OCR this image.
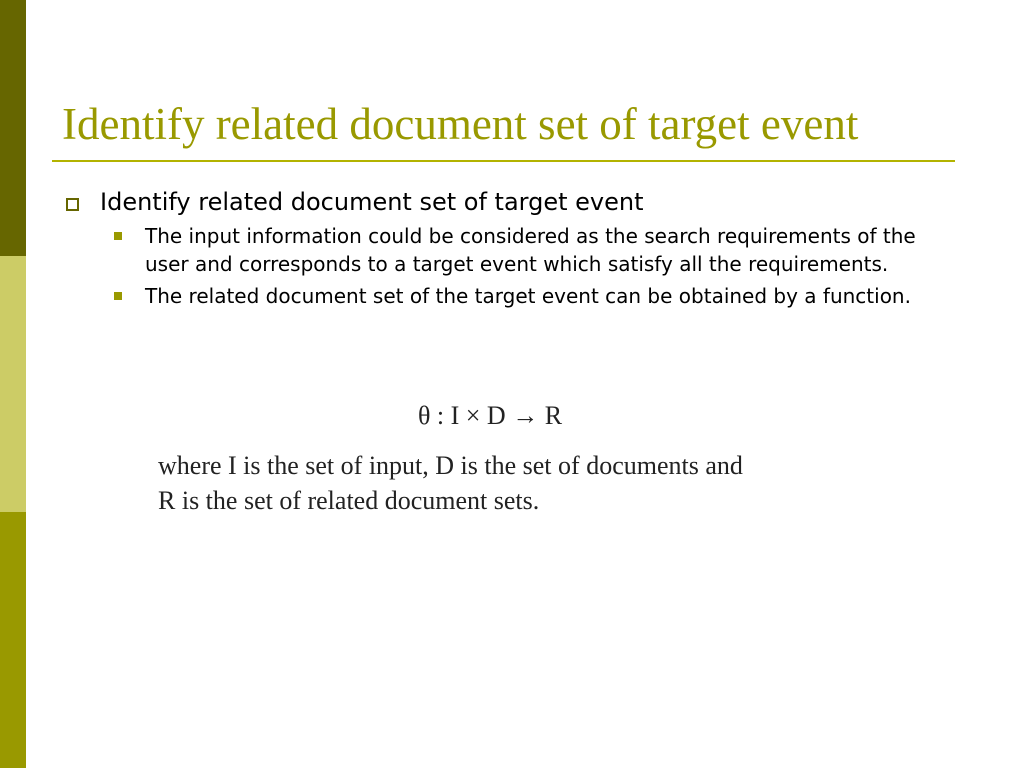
Identify related document set of target event
Identify related document set of target event
The input information could be considered as the search requirements of the user and corresponds to a target event which satisfy all the requirements.
The related document set of the target event can be obtained by a function.
θ : I × D → R

where I is the set of input, D is the set of documents and
R is the set of related document sets.
